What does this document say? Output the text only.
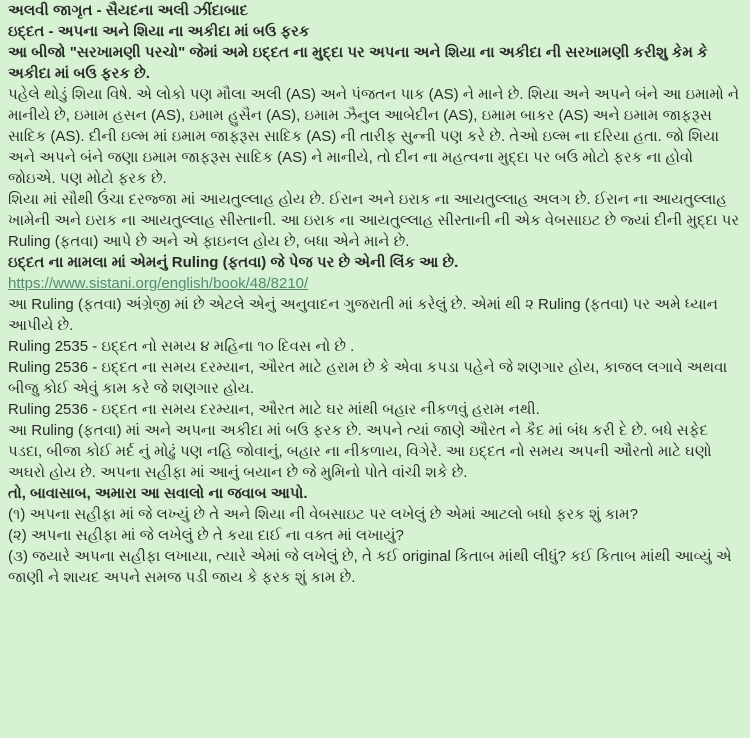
અલવી જાગૃત - સૈયદના અલી ઝીંદાબાદ

ઇદ્દત - અપના અને શિયા ના અકીદા માં બઉ ફરક

આ બીજો "સરખામણી પરચો" જેમાં અમે ઇદ્દત ના મુદ્દા પર અપના અને શિયા ના અકીદા ની સરખામણી કરીશુ કેમ કે અકીદા માં બઉ ફરક છે.

પહેલે થોડું શિયા વિષે. એ લોકો પણ મૌલા અલી (AS) અને પંજતન પાક (AS) ને માને છે. શિયા અને અપને બંને આ ઇમામો ને માનીયે છે, ઇમામ હસન (AS), ઇમામ હુસૈન (AS), ઇમામ ઝૈનુલ આબેદીન (AS), ઇમામ બાકર (AS) અને ઇમામ જાફરૂસ સાદિક (AS). દીની ઇલ્મ માં ઇમામ જાફરૂસ સાદિક (AS) ની તારીફ સુન્ની પણ કરે છે. તેઓ ઇલ્મ ના દરિયા હતા. જો શિયા અને અપને બંને જણા ઇમામ જાફરૂસ સાદિક (AS) ને માનીયે, તો દીન ના મહત્વના મુદ્દા પર બઉ મોટો ફરક ના હોવો જોઇએ. પણ મોટો ફરક છે.

શિયા માં સૌથી ઉંચા દરજ્જા માં આયતુલ્લાહ હોય છે. ઈરાન અને ઇરાક ના આયતુલ્લાહ અલગ છે. ઈરાન ના આયતુલ્લાહ ખામેની અને ઇરાક ના આયતુલ્લાહ સીસ્તાની. આ ઇરાક ના આયતુલ્લાહ સીસ્તાની ની એક વેબસાઇટ છે જ્યાં દીની મુદ્દા પર Ruling (ફતવા) આપે છે અને એ ફાઇનલ હોય છે, બધા એને માને છે.

ઇદ્દત ના મામલા માં એમનું Ruling (ફતવા) જે પેજ પર છે એની લિંક આ છે.

https://www.sistani.org/english/book/48/8210/

આ Ruling (ફતવા) અંગ્રેજી માં છે એટલે એનું અનુવાદન ગુજરાતી માં કરેલું છે. એમાં થી ૨ Ruling (ફતવા) પર અમે ધ્યાન આપીયે છે.

Ruling 2535 - ઇદ્દત નો સમય ૪ મહિના ૧૦ દિવસ નો છે .

Ruling 2536 - ઇદ્દત ના સમય દરમ્યાન, ઔરત માટે હરામ છે કે એવા કપડા પહેને જે શણગાર હોય, કાજલ લગાવે અથવા બીજુ કોઈ એવું કામ કરે જે શણગાર હોય.

Ruling 2536 - ઇદ્દત ના સમય દરમ્યાન, ઔરત માટે ઘર માંથી બહાર નીકળવું હરામ નથી.

આ Ruling (ફતવા) માં અને અપના અકીદા માં બઉ ફરક છે. અપને ત્યાં જાણે ઔરત ને કૈદ માં બંધ કરી દે છે. બધે સફેદ પડદા, બીજા કોઈ મર્દ નું મોઢું પણ નહિ જોવાનું, બહાર ના નીકળાય, વિગેરે. આ ઇદ્દત નો સમય અપની ઔરતો માટે ઘણો અઘરો હોય છે. અપના સહીફા માં આનું બયાન છે જે મુમિનો પોતે વાંચી શકે છે.

તો, બાવાસાબ, અમારા આ સવાલો ના જવાબ આપો.

(૧) અપના સહીફા માં જે લખ્યું છે તે અને શિયા ની વેબસાઇટ પર લખેલું છે એમાં આટલો બધો ફરક શું કામ?

(૨) અપના સહીફા માં જે લખેલું છે તે કયા દાઈ ના વક્ત માં લખાયું?

(૩) જયારે અપના સહીફા લખાયા, ત્યારે એમાં જે લખેલું છે, તે કઈ original કિતાબ માંથી લીધું? કઈ કિતાબ માંથી આવ્યું એ જાણી ને શાયદ અપને સમજ પડી જાય કે ફરક શું કામ છે.
